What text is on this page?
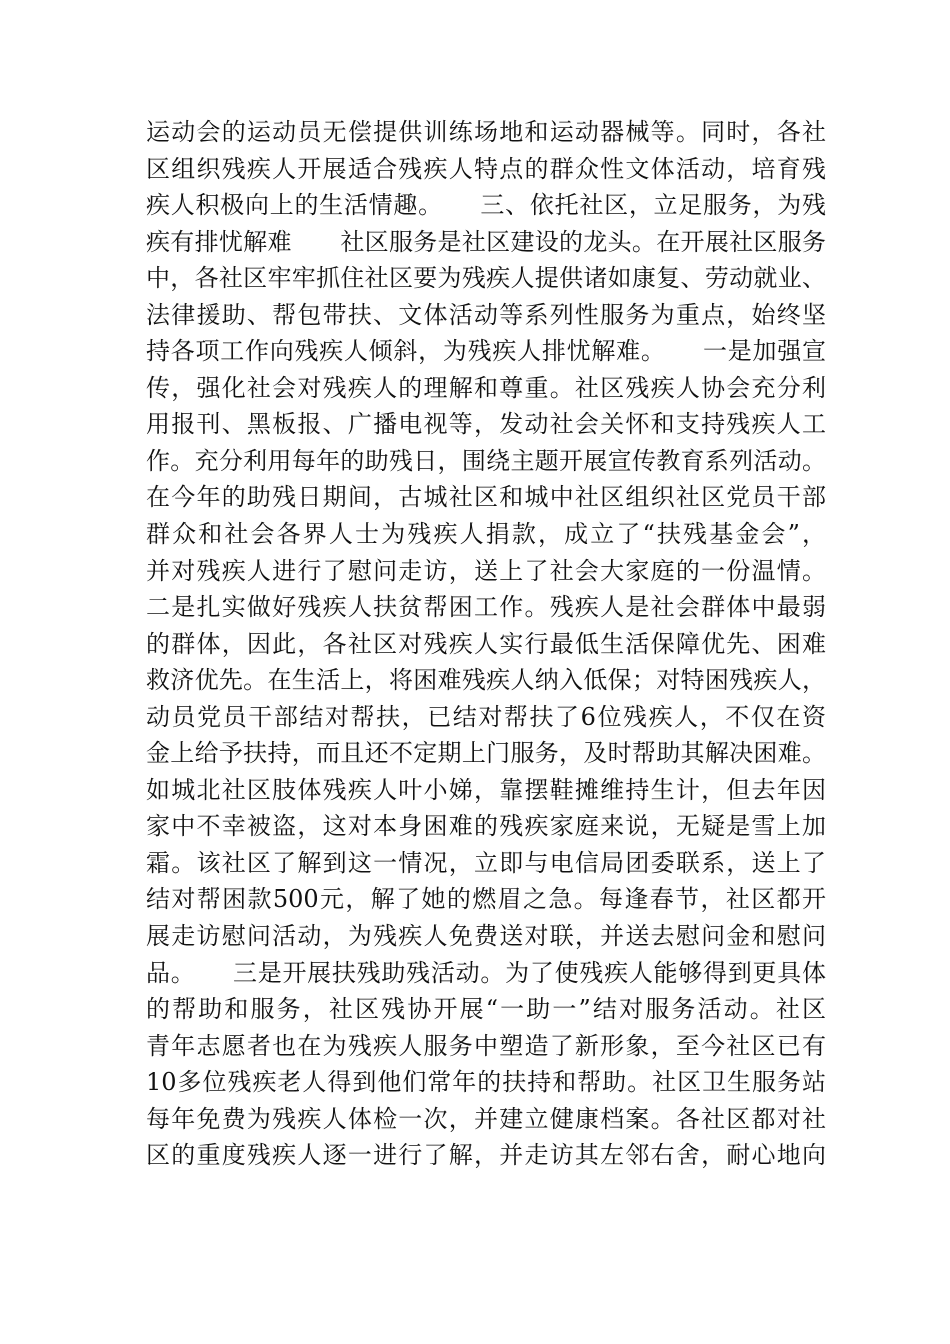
运动会的运动员无偿提供训练场地和运动器械等。同时，各社
区组织残疾人开展适合残疾人特点的群众性文体活动，培育残
疾人积极向上的生活情趣。　　三、依托社区，立足服务，为残
疾有排忧解难　　社区服务是社区建设的龙头。在开展社区服务
中，各社区牢牢抓住社区要为残疾人提供诸如康复、劳动就业、
法律援助、帮包带扶、文体活动等系列性服务为重点，始终坚
持各项工作向残疾人倾斜，为残疾人排忧解难。　　一是加强宣
传，强化社会对残疾人的理解和尊重。社区残疾人协会充分利
用报刊、黑板报、广播电视等，发动社会关怀和支持残疾人工
作。充分利用每年的助残日，围绕主题开展宣传教育系列活动。
在今年的助残日期间，古城社区和城中社区组织社区党员干部
群众和社会各界人士为残疾人捐款，成立了“扶残基金会”，
并对残疾人进行了慰问走访，送上了社会大家庭的一份温情。
二是扎实做好残疾人扶贫帮困工作。残疾人是社会群体中最弱
的群体，因此，各社区对残疾人实行最低生活保障优先、困难
救济优先。在生活上，将困难残疾人纳入低保；对特困残疾人，
动员党员干部结对帮扶，已结对帮扶了6位残疾人，不仅在资
金上给予扶持，而且还不定期上门服务，及时帮助其解决困难。
如城北社区肢体残疾人叶小娣，靠摆鞋摊维持生计，但去年因
家中不幸被盗，这对本身困难的残疾家庭来说，无疑是雪上加
霜。该社区了解到这一情况，立即与电信局团委联系，送上了
结对帮困款500元，解了她的燃眉之急。每逢春节，社区都开
展走访慰问活动，为残疾人免费送对联，并送去慰问金和慰问
品。　　三是开展扶残助残活动。为了使残疾人能够得到更具体
的帮助和服务，社区残协开展“一助一”结对服务活动。社区
青年志愿者也在为残疾人服务中塑造了新形象，至今社区已有
10多位残疾老人得到他们常年的扶持和帮助。社区卫生服务站
每年免费为残疾人体检一次，并建立健康档案。各社区都对社
区的重度残疾人逐一进行了解，并走访其左邻右舍，耐心地向
